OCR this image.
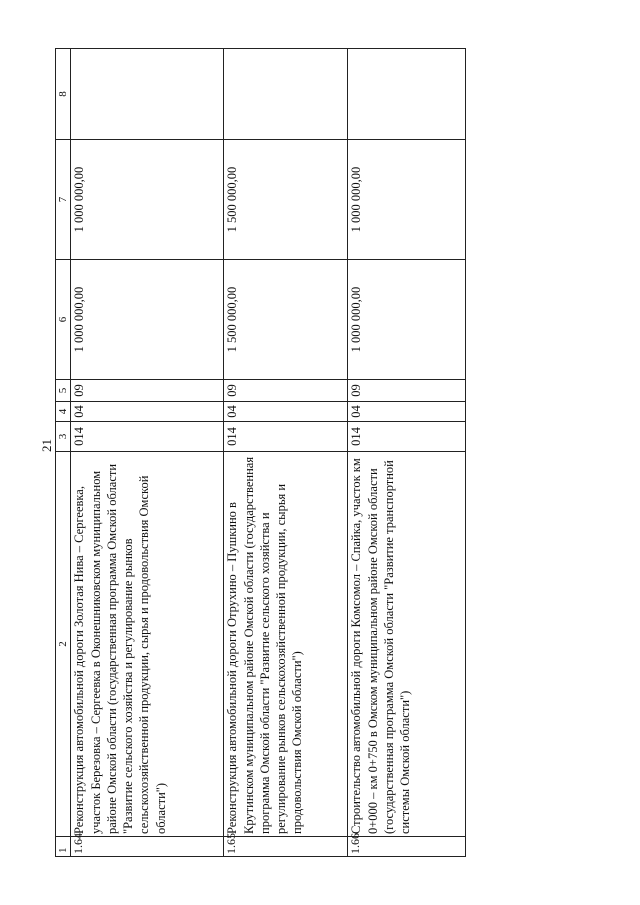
21
1	2	3	4	5	6	7	8
1.64	Реконструкция автомобильной дороги Золотая Нива – Сергеевка, участок Березовка – Сергеевка в Оконешниковском муниципальном районе Омской области (государственная программа Омской области "Развитие сельского хозяйства и регулирование рынков сельскохозяйственной продукции, сырья и продовольствия Омской области")	014	04	09	1 000 000,00	1 000 000,00	
1.65	Реконструкция автомобильной дороги Отрухино – Пушкино в Крутинском муниципальном районе Омской области (государственная программа Омской области "Развитие сельского хозяйства и регулирование рынков сельскохозяйственной продукции, сырья и продовольствия Омской области")	014	04	09	1 500 000,00	1 500 000,00	
1.66	Строительство автомобильной дороги Комсомол – Спайка, участок км 0+000 – км 0+750 в Омском муниципальном районе Омской области (государственная программа Омской области "Развитие транспортной системы Омской области")	014	04	09	1 000 000,00	1 000 000,00	
